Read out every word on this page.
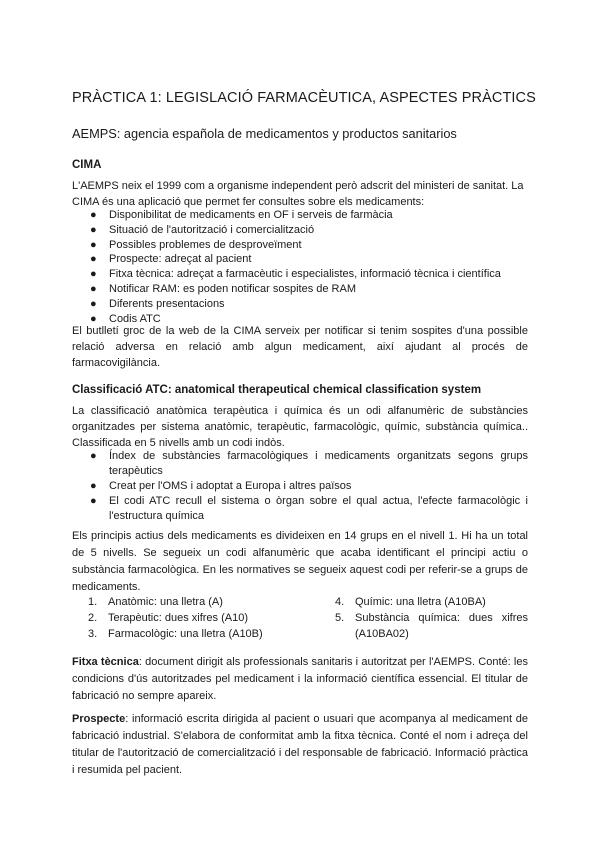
PRÀCTICA 1: LEGISLACIÓ FARMACÈUTICA, ASPECTES PRÀCTICS
AEMPS: agencia española de medicamentos y productos sanitarios
CIMA

L'AEMPS neix el 1999 com a organisme independent però adscrit del ministeri de sanitat. La CIMA és una aplicació que permet fer consultes sobre els medicaments:

● Disponibilitat de medicaments en OF i serveis de farmàcia
● Situació de l'autorització i comercialització
● Possibles problemes de desproveïment
● Prospecte: adreçat al pacient
● Fitxa tècnica: adreçat a farmacèutic i especialistes, informació tècnica i científica
● Notificar RAM: es poden notificar sospites de RAM
● Diferents presentacions
● Codis ATC

El butlletí groc de la web de la CIMA serveix per notificar si tenim sospites d'una possible relació adversa en relació amb algun medicament, així ajudant al procés de farmacovigilància.

Classificació ATC: anatomical therapeutical chemical classification system

La classificació anatòmica terapèutica i química és un odi alfanumèric de substàncies organitzades per sistema anatòmic, terapèutic, farmacològic, químic, substància química.. Classificada en 5 nivells amb un codi indòs.

● Índex de substàncies farmacològiques i medicaments organitzats segons grups terapèutics
● Creat per l'OMS i adoptat a Europa i altres països
● El codi ATC recull el sistema o òrgan sobre el qual actua, l'efecte farmacològic i l'estructura química

Els principis actius dels medicaments es divideixen en 14 grups en el nivell 1. Hi ha un total de 5 nivells. Se segueix un codi alfanumèric que acaba identificant el principi actiu o substància farmacològica. En les normatives se segueix aquest codi per referir-se a grups de medicaments.

1. Anatòmic: una lletra (A)
2. Terapèutic: dues xifres (A10)
3. Farmacològic: una lletra (A10B)
4. Químic: una lletra (A10BA)
5. Substància química: dues xifres (A10BA02)

Fitxa tècnica: document dirigit als professionals sanitaris i autoritzat per l'AEMPS. Conté: les condicions d'ús autoritzades pel medicament i la informació científica essencial. El titular de fabricació no sempre apareix.

Prospecte: informació escrita dirigida al pacient o usuari que acompanya al medicament de fabricació industrial. S'elabora de conformitat amb la fitxa tècnica. Conté el nom i adreça del titular de l'autorització de comercialització i del responsable de fabricació. Informació pràctica i resumida pel pacient.
